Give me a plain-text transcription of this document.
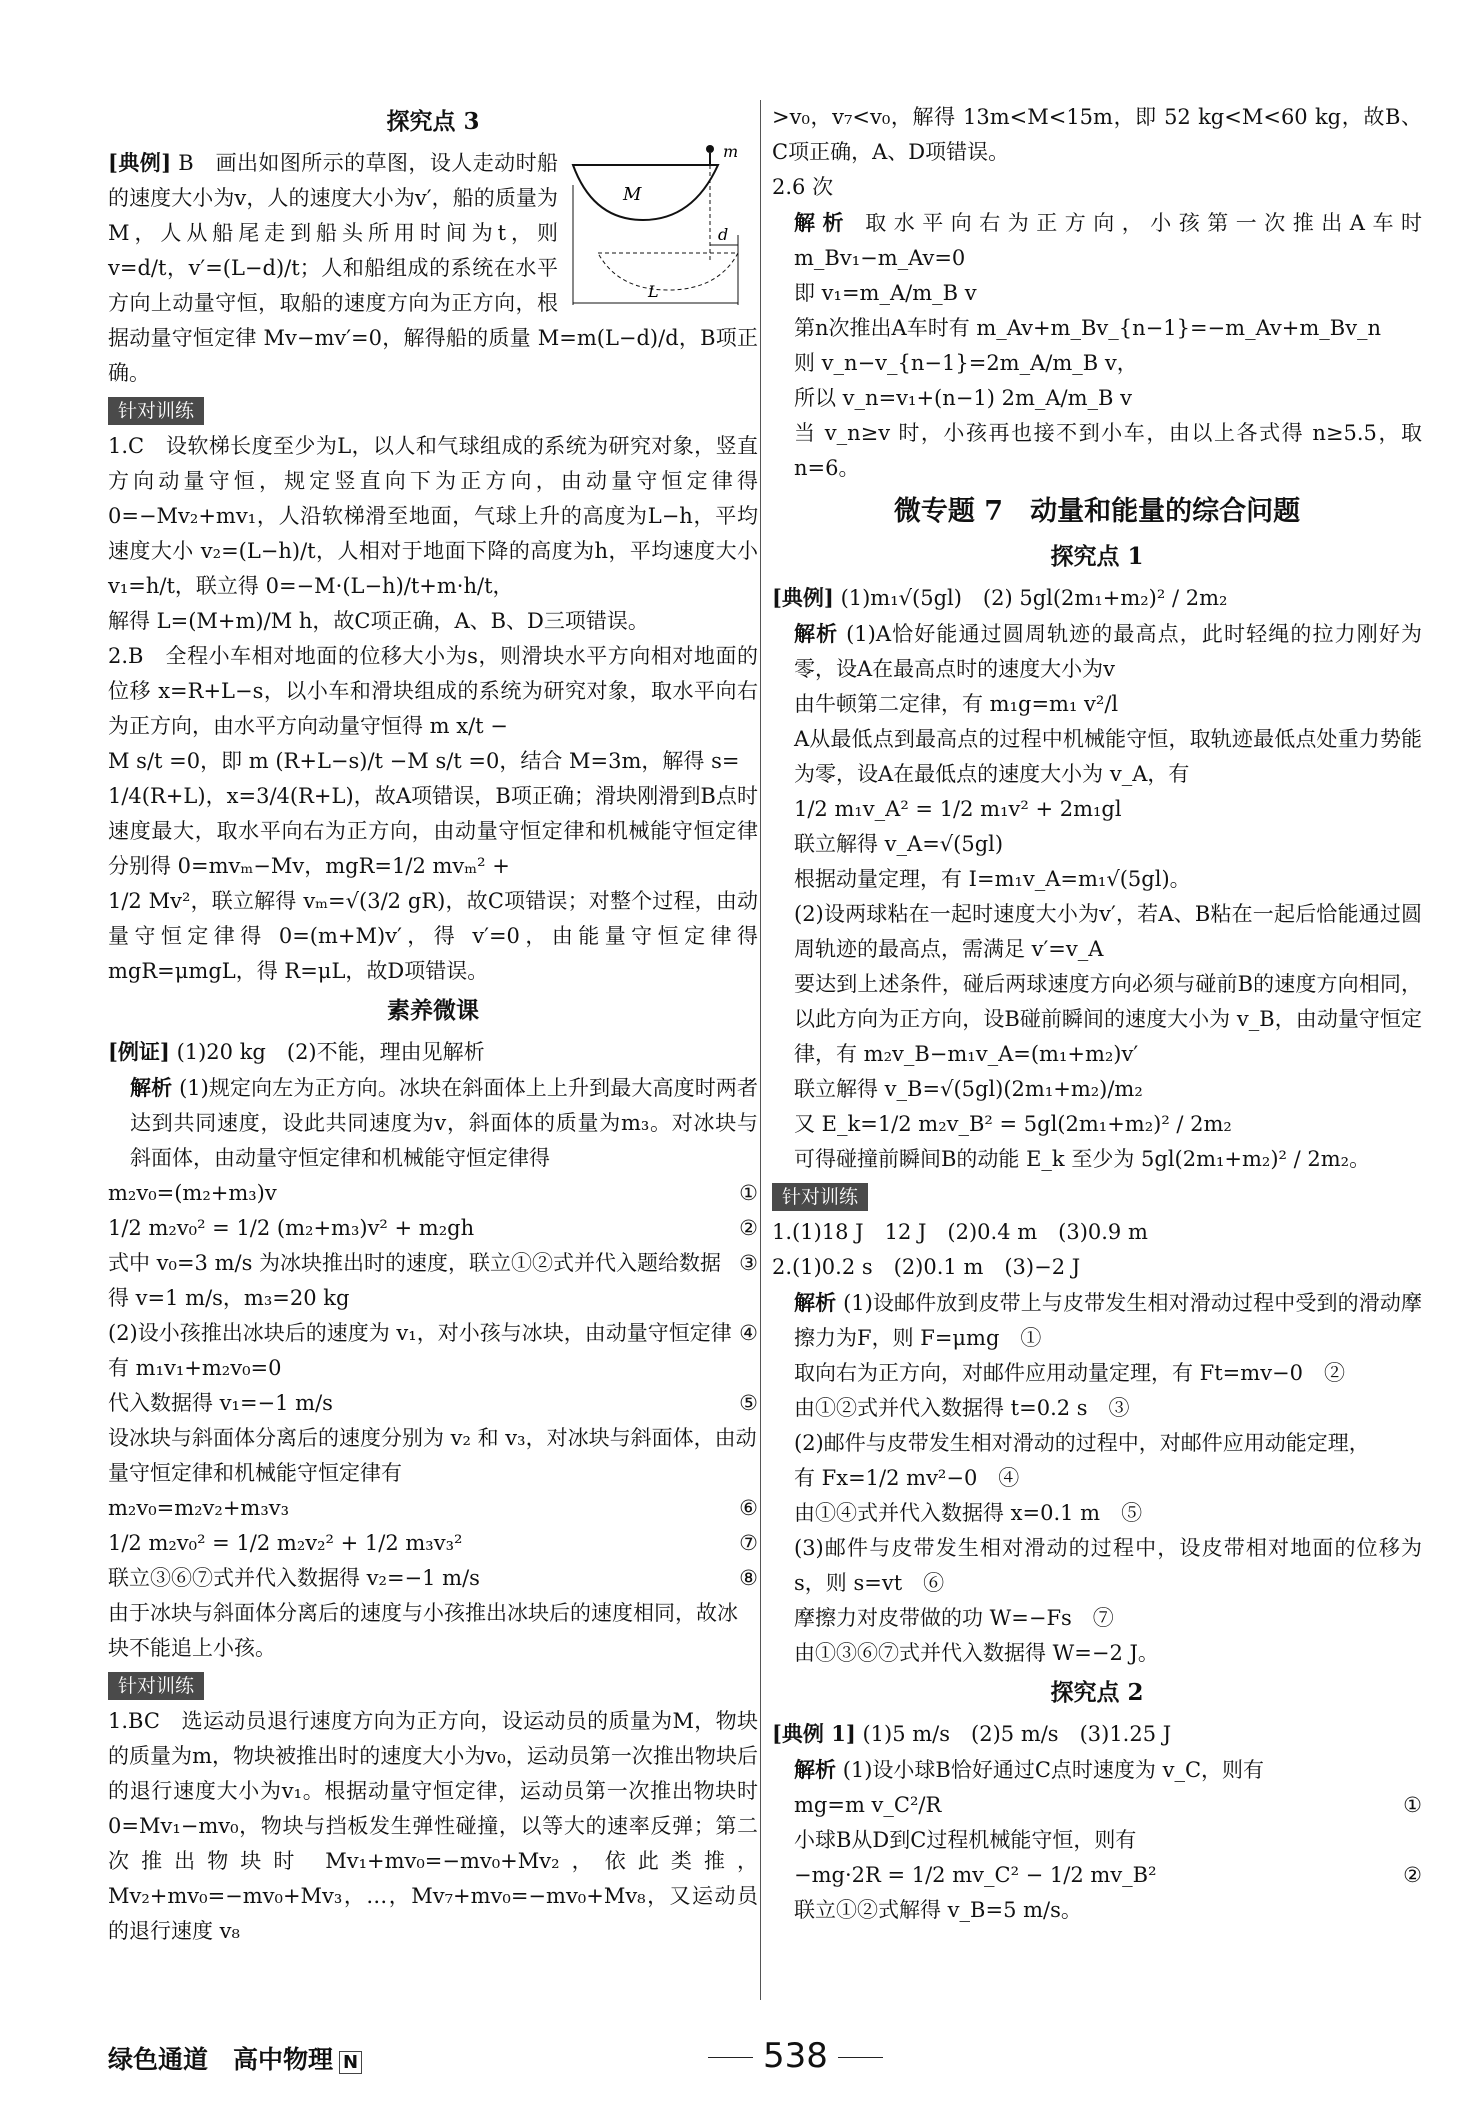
探究点 3
M
m
d
L

[典例] B　画出如图所示的草图，设人走动时船的速度大小为v，人的速度大小为v′，船的质量为M，人从船尾走到船头所用时间为t，则 v=d/t，v′=(L−d)/t；人和船组成的系统在水平方向上动量守恒，取船的速度方向为正方向，根据动量守恒定律 Mv−mv′=0，解得船的质量 M=m(L−d)/d，B项正确。

针对训练

1.C　设软梯长度至少为L，以人和气球组成的系统为研究对象，竖直方向动量守恒，规定竖直向下为正方向，由动量守恒定律得 0=−Mv₂+mv₁，人沿软梯滑至地面，气球上升的高度为L−h，平均速度大小 v₂=(L−h)/t，人相对于地面下降的高度为h，平均速度大小 v₁=h/t，联立得 0=−M·(L−h)/t+m·h/t，

解得 L=(M+m)/M h，故C项正确，A、B、D三项错误。

2.B　全程小车相对地面的位移大小为s，则滑块水平方向相对地面的位移 x=R+L−s，以小车和滑块组成的系统为研究对象，取水平向右为正方向，由水平方向动量守恒得 m x/t −

M s/t =0，即 m (R+L−s)/t −M s/t =0，结合 M=3m，解得 s=

1/4(R+L)，x=3/4(R+L)，故A项错误，B项正确；滑块刚滑到B点时速度最大，取水平向右为正方向，由动量守恒定律和机械能守恒定律分别得 0=mvₘ−Mv，mgR=1/2 mvₘ² +

1/2 Mv²，联立解得 vₘ=√(3/2 gR)，故C项错误；对整个过程，由动量守恒定律得 0=(m+M)v′，得 v′=0，由能量守恒定律得 mgR=μmgL，得 R=μL，故D项错误。

素养微课

[例证] (1)20 kg　(2)不能，理由见解析

解析 (1)规定向左为正方向。冰块在斜面体上上升到最大高度时两者达到共同速度，设此共同速度为v，斜面体的质量为m₃。对冰块与斜面体，由动量守恒定律和机械能守恒定律得

m₂v₀=(m₂+m₃)v	①
1/2 m₂v₀² = 1/2 (m₂+m₃)v² + m₂gh	②
式中 v₀=3 m/s 为冰块推出时的速度，联立①②式并代入题给数据得 v=1 m/s，m₃=20 kg
③
(2)设小孩推出冰块后的速度为 v₁，对小孩与冰块，由动量守恒定律有 m₁v₁+m₂v₀=0
④
代入数据得 v₁=−1 m/s	⑤
设冰块与斜面体分离后的速度分别为 v₂ 和 v₃，对冰块与斜面体，由动量守恒定律和机械能守恒定律有
m₂v₀=m₂v₂+m₃v₃	⑥
1/2 m₂v₀² = 1/2 m₂v₂² + 1/2 m₃v₃²	⑦
联立③⑥⑦式并代入数据得 v₂=−1 m/s	⑧
由于冰块与斜面体分离后的速度与小孩推出冰块后的速度相同，故冰块不能追上小孩。
针对训练

1.BC　选运动员退行速度方向为正方向，设运动员的质量为M，物块的质量为m，物块被推出时的速度大小为v₀，运动员第一次推出物块后的退行速度大小为v₁。根据动量守恒定律，运动员第一次推出物块时 0=Mv₁−mv₀，物块与挡板发生弹性碰撞，以等大的速率反弹；第二次推出物块时 Mv₁+mv₀=−mv₀+Mv₂，依此类推，Mv₂+mv₀=−mv₀+Mv₃，…，Mv₇+mv₀=−mv₀+Mv₈，又运动员的退行速度 v₈

>v₀，v₇<v₀，解得 13m<M<15m，即 52 kg<M<60 kg，故B、C项正确，A、D项错误。

2.6 次

解析 取水平向右为正方向，小孩第一次推出A车时 m_Bv₁−m_Av=0

即 v₁=m_A/m_B v

第n次推出A车时有 m_Av+m_Bv_{n−1}=−m_Av+m_Bv_n

则 v_n−v_{n−1}=2m_A/m_B v，

所以 v_n=v₁+(n−1) 2m_A/m_B v

当 v_n≥v 时，小孩再也接不到小车，由以上各式得 n≥5.5，取 n=6。

微专题 7　动量和能量的综合问题
探究点 1

[典例] (1)m₁√(5gl)　(2) 5gl(2m₁+m₂)² / 2m₂

解析 (1)A恰好能通过圆周轨迹的最高点，此时轻绳的拉力刚好为零，设A在最高点时的速度大小为v

由牛顿第二定律，有 m₁g=m₁ v²/l

A从最低点到最高点的过程中机械能守恒，取轨迹最低点处重力势能为零，设A在最低点的速度大小为 v_A，有

1/2 m₁v_A² = 1/2 m₁v² + 2m₁gl

联立解得 v_A=√(5gl)

根据动量定理，有 I=m₁v_A=m₁√(5gl)。

(2)设两球粘在一起时速度大小为v′，若A、B粘在一起后恰能通过圆周轨迹的最高点，需满足 v′=v_A

要达到上述条件，碰后两球速度方向必须与碰前B的速度方向相同，以此方向为正方向，设B碰前瞬间的速度大小为 v_B，由动量守恒定律，有 m₂v_B−m₁v_A=(m₁+m₂)v′

联立解得 v_B=√(5gl)(2m₁+m₂)/m₂

又 E_k=1/2 m₂v_B² = 5gl(2m₁+m₂)² / 2m₂

可得碰撞前瞬间B的动能 E_k 至少为 5gl(2m₁+m₂)² / 2m₂。

针对训练

1.(1)18 J　12 J　(2)0.4 m　(3)0.9 m

2.(1)0.2 s　(2)0.1 m　(3)−2 J

解析 (1)设邮件放到皮带上与皮带发生相对滑动过程中受到的滑动摩擦力为F，则 F=μmg　①

取向右为正方向，对邮件应用动量定理，有 Ft=mv−0　②

由①②式并代入数据得 t=0.2 s　③

(2)邮件与皮带发生相对滑动的过程中，对邮件应用动能定理，

有 Fx=1/2 mv²−0　④

由①④式并代入数据得 x=0.1 m　⑤

(3)邮件与皮带发生相对滑动的过程中，设皮带相对地面的位移为s，则 s=vt　⑥

摩擦力对皮带做的功 W=−Fs　⑦

由①③⑥⑦式并代入数据得 W=−2 J。

探究点 2

[典例 1] (1)5 m/s　(2)5 m/s　(3)1.25 J

解析 (1)设小球B恰好通过C点时速度为 v_C，则有
mg=m v_C²/R	①
小球B从D到C过程机械能守恒，则有
−mg·2R = 1/2 mv_C² − 1/2 mv_B²	②
联立①②式解得 v_B=5 m/s。
绿色通道　高中物理 N	538
